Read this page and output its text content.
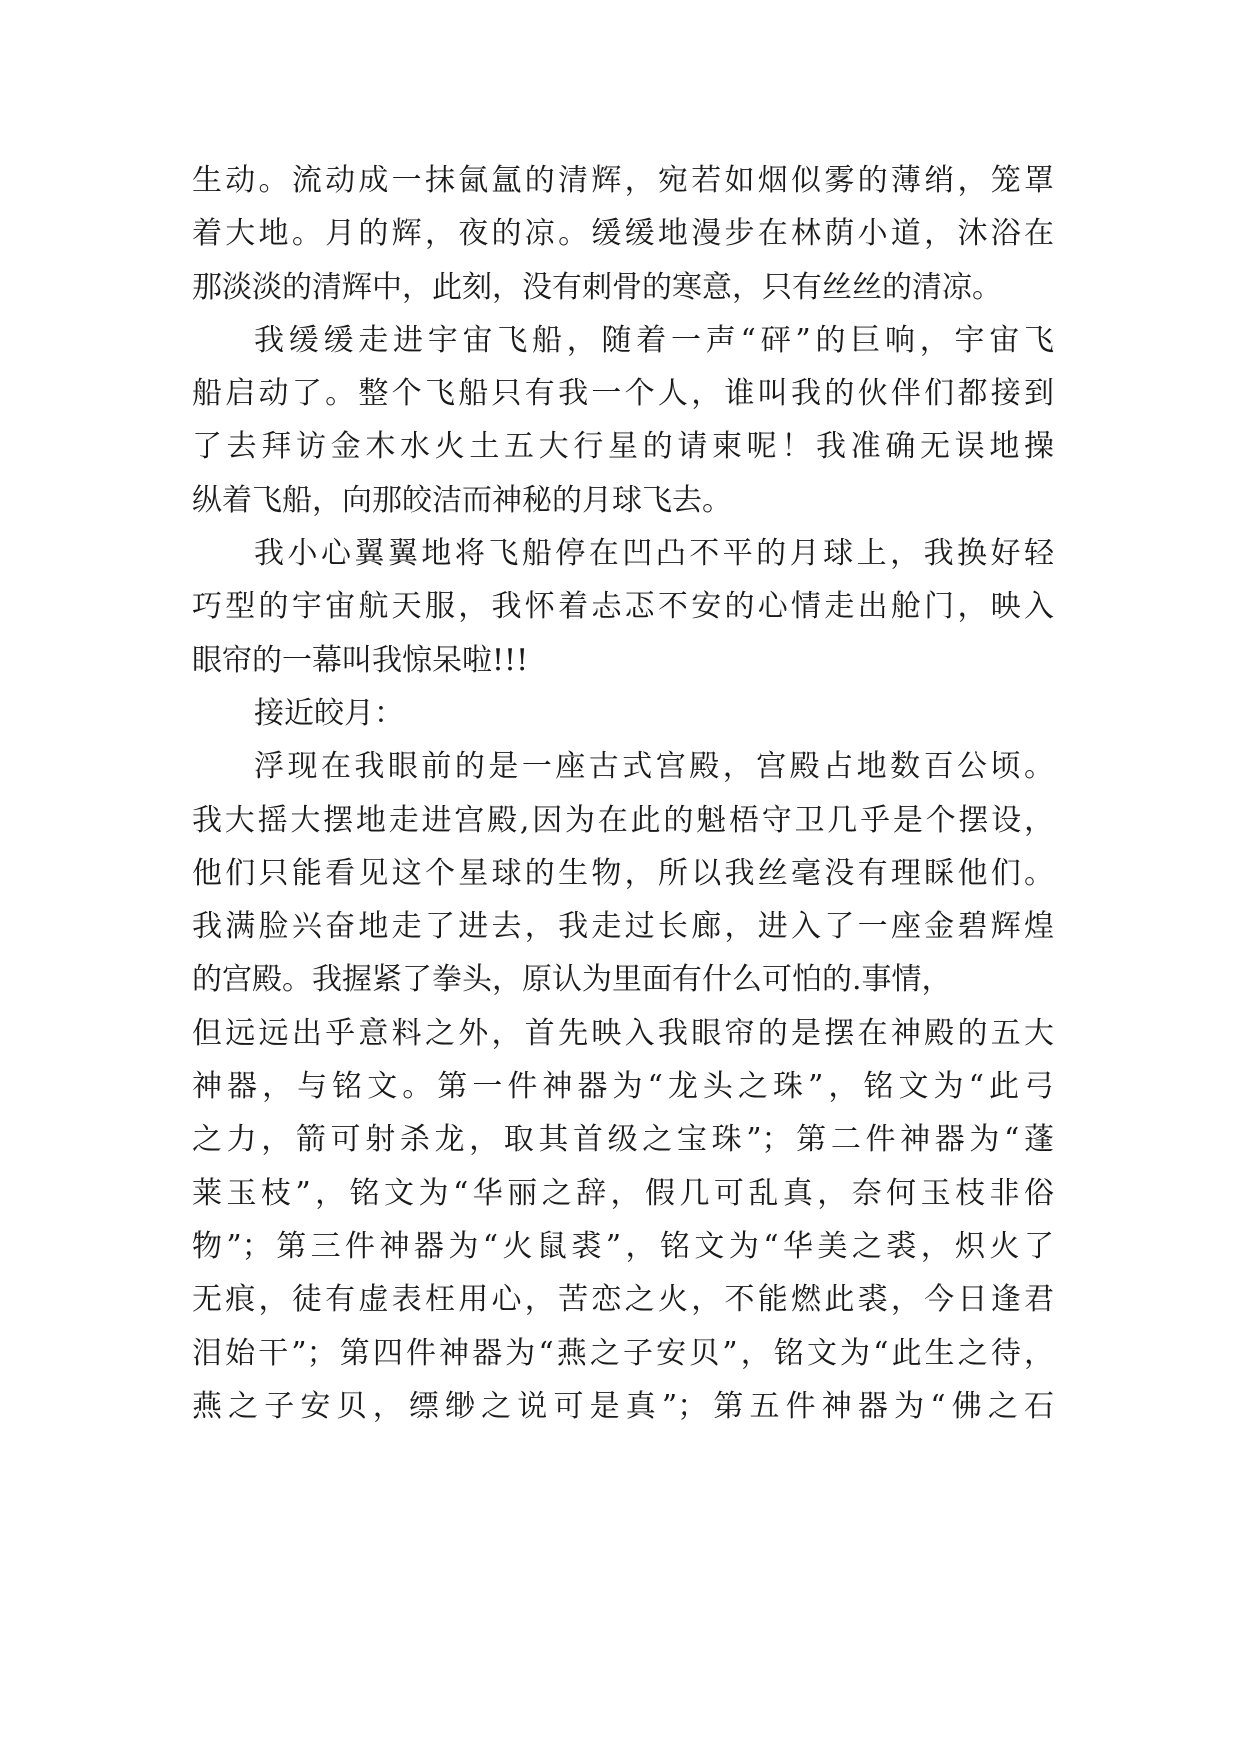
生动。流动成一抹氤氲的清辉，宛若如烟似雾的薄绡，笼罩
着大地。月的辉，夜的凉。缓缓地漫步在林荫小道，沐浴在
那淡淡的清辉中，此刻，没有刺骨的寒意，只有丝丝的清凉。
我缓缓走进宇宙飞船，随着一声“砰”的巨响，宇宙飞
船启动了。整个飞船只有我一个人，谁叫我的伙伴们都接到
了去拜访金木水火土五大行星的请柬呢！我准确无误地操
纵着飞船，向那皎洁而神秘的月球飞去。
我小心翼翼地将飞船停在凹凸不平的月球上，我换好轻
巧型的宇宙航天服，我怀着忐忑不安的心情走出舱门，映入
眼帘的一幕叫我惊呆啦!!!
接近皎月：
浮现在我眼前的是一座古式宫殿，宫殿占地数百公顷。
我大摇大摆地走进宫殿,因为在此的魁梧守卫几乎是个摆设，
他们只能看见这个星球的生物，所以我丝毫没有理睬他们。
我满脸兴奋地走了进去，我走过长廊，进入了一座金碧辉煌
的宫殿。我握紧了拳头，原认为里面有什么可怕的.事情，
但远远出乎意料之外，首先映入我眼帘的是摆在神殿的五大
神器，与铭文。第一件神器为“龙头之珠”，铭文为“此弓
之力，箭可射杀龙，取其首级之宝珠”；第二件神器为“蓬
莱玉枝”，铭文为“华丽之辞，假几可乱真，奈何玉枝非俗
物”；第三件神器为“火鼠裘”，铭文为“华美之裘，炽火了
无痕，徒有虚表枉用心，苦恋之火，不能燃此裘，今日逢君
泪始干”；第四件神器为“燕之子安贝”，铭文为“此生之待，
燕之子安贝，缥缈之说可是真”；第五件神器为“佛之石
